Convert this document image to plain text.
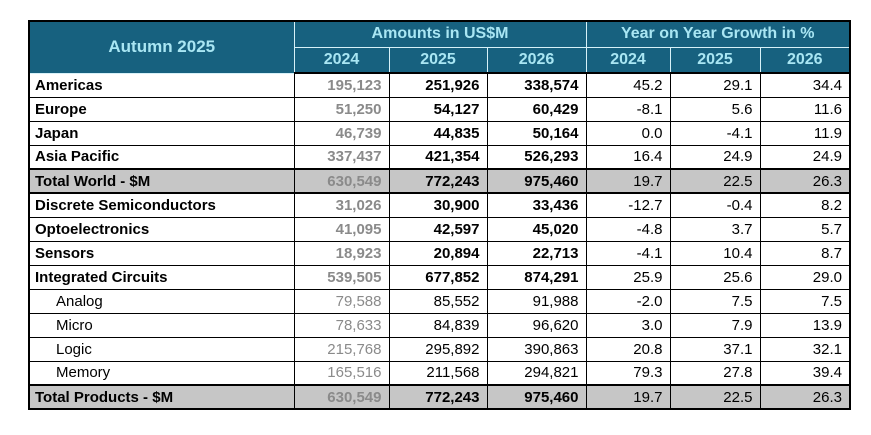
Autumn 2025	Amounts in US$M			Year on Year Growth in %		
	2024	2025	2026	2024	2025	2026
Americas	195,123	251,926	338,574	45.2	29.1	34.4
Europe	51,250	54,127	60,429	-8.1	5.6	11.6
Japan	46,739	44,835	50,164	0.0	-4.1	11.9
Asia Pacific	337,437	421,354	526,293	16.4	24.9	24.9
Total World - $M	630,549	772,243	975,460	19.7	22.5	26.3
Discrete Semiconductors	31,026	30,900	33,436	-12.7	-0.4	8.2
Optoelectronics	41,095	42,597	45,020	-4.8	3.7	5.7
Sensors	18,923	20,894	22,713	-4.1	10.4	8.7
Integrated Circuits	539,505	677,852	874,291	25.9	25.6	29.0
Analog	79,588	85,552	91,988	-2.0	7.5	7.5
Micro	78,633	84,839	96,620	3.0	7.9	13.9
Logic	215,768	295,892	390,863	20.8	37.1	32.1
Memory	165,516	211,568	294,821	79.3	27.8	39.4
Total Products - $M	630,549	772,243	975,460	19.7	22.5	26.3
